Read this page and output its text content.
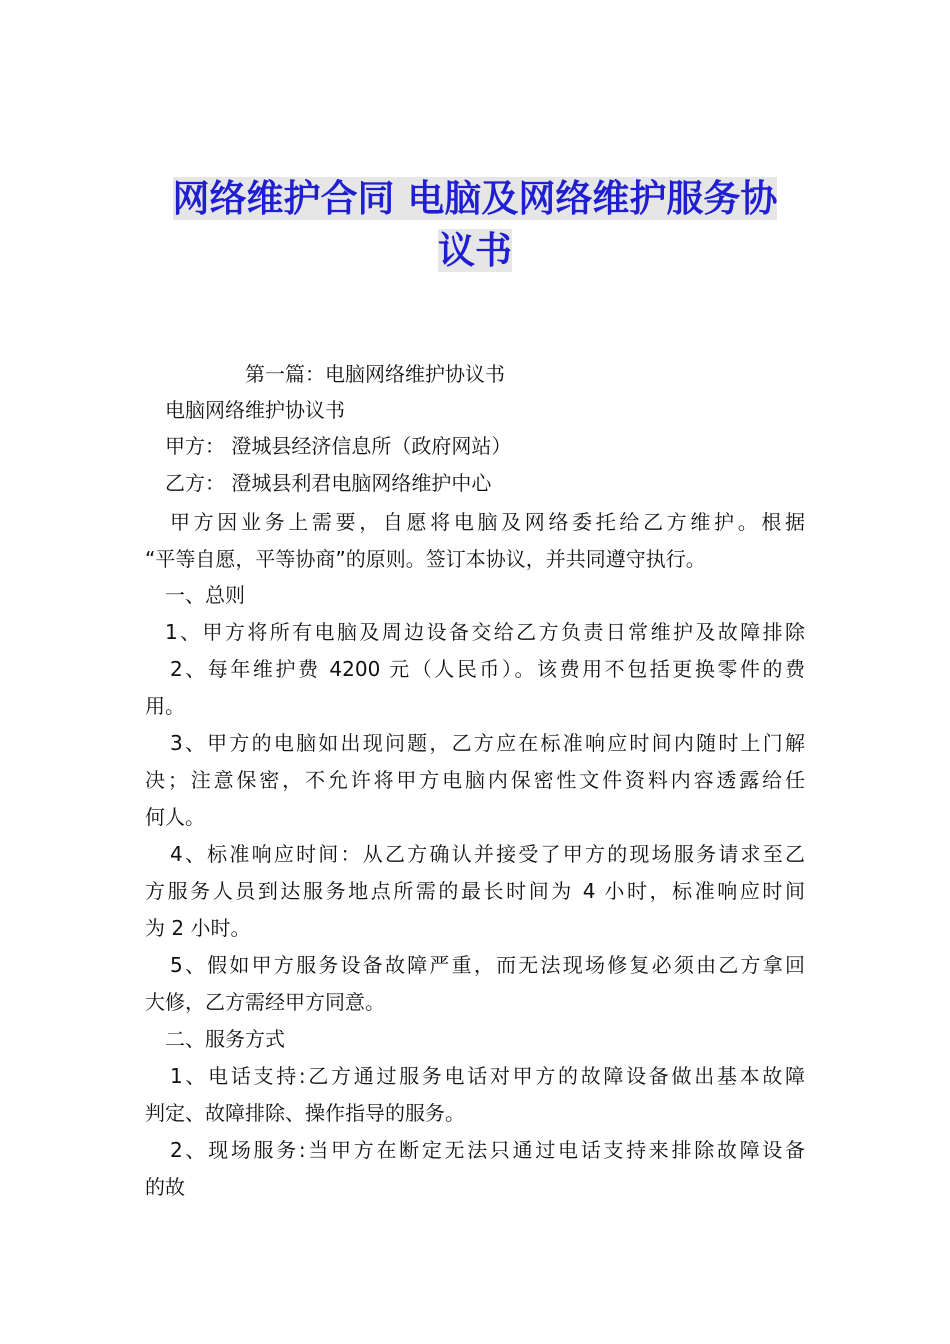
网络维护合同 电脑及网络维护服务协
议书
第一篇：电脑网络维护协议书
电脑网络维护协议书
甲方： 澄城县经济信息所（政府网站）
乙方： 澄城县利君电脑网络维护中心
甲方因业务上需要，自愿将电脑及网络委托给乙方维护。根据
“平等自愿，平等协商”的原则。签订本协议，并共同遵守执行。
一、总则
1、甲方将所有电脑及周边设备交给乙方负责日常维护及故障排除
2、每年维护费 4200 元（人民币）。该费用不包括更换零件的费
用。
3、甲方的电脑如出现问题，乙方应在标准响应时间内随时上门解
决；注意保密，不允许将甲方电脑内保密性文件资料内容透露给任
何人。
4、标准响应时间：从乙方确认并接受了甲方的现场服务请求至乙
方服务人员到达服务地点所需的最长时间为 4 小时，标准响应时间
为 2 小时。
5、假如甲方服务设备故障严重，而无法现场修复必须由乙方拿回
大修，乙方需经甲方同意。
二、服务方式
1、电话支持:乙方通过服务电话对甲方的故障设备做出基本故障
判定、故障排除、操作指导的服务。
2、现场服务:当甲方在断定无法只通过电话支持来排除故障设备
的故
